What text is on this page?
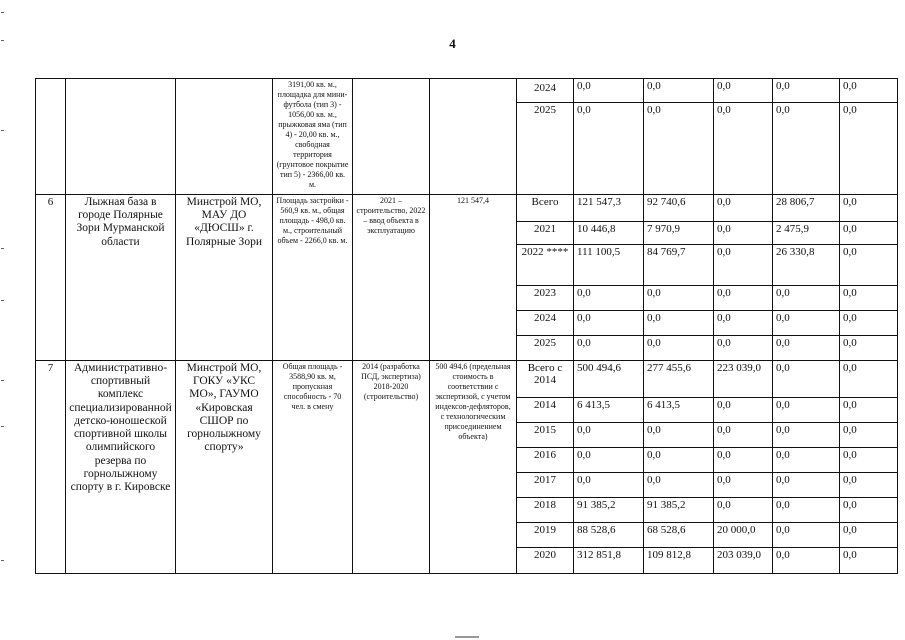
4
			3191,00 кв. м., площадка для мини-футбола (тип 3) - 1056,00 кв. м., прыжковая яма (тип 4) - 20,00 кв. м., свободная территория (грунтовое покрытие тип 5) - 2366,00 кв. м.			2024	0,0	0,0	0,0	0,0	0,0
						2025	0,0	0,0	0,0	0,0	0,0
6	Лыжная база в городе Полярные Зори Мурманской области	Минстрой МО, МАУ ДО «ДЮСШ» г. Полярные Зори	Площадь застройки - 560,9 кв. м., общая площадь - 498,0 кв. м., строительный объем - 2266,0 кв. м.	2021 – строительство, 2022 – ввод объекта в эксплуатацию	121 547,4	Всего	121 547,3	92 740,6	0,0	28 806,7	0,0
						2021	10 446,8	7 970,9	0,0	2 475,9	0,0
						2022 ****	111 100,5	84 769,7	0,0	26 330,8	0,0
						2023	0,0	0,0	0,0	0,0	0,0
						2024	0,0	0,0	0,0	0,0	0,0
						2025	0,0	0,0	0,0	0,0	0,0
7	Административно-спортивный комплекс специализированной детско-юношеской спортивной школы олимпийского резерва по горнолыжному спорту в г. Кировске	Минстрой МО, ГОКУ «УКС МО», ГАУМО «Кировская СШОР по горнолыжному спорту»	Общая площадь - 3588,90 кв. м, пропускная способность - 70 чел. в смену	2014 (разработка ПСД, экспертиза) 2018-2020 (строительство)	500 494,6 (предельная стоимость в соответствии с экспертизой, с учетом индексов-дефляторов, с технологическим присоединением объекта)	Всего с 2014	500 494,6	277 455,6	223 039,0	0,0	0,0
						2014	6 413,5	6 413,5	0,0	0,0	0,0
						2015	0,0	0,0	0,0	0,0	0,0
						2016	0,0	0,0	0,0	0,0	0,0
						2017	0,0	0,0	0,0	0,0	0,0
						2018	91 385,2	91 385,2	0,0	0,0	0,0
						2019	88 528,6	68 528,6	20 000,0	0,0	0,0
						2020	312 851,8	109 812,8	203 039,0	0,0	0,0
